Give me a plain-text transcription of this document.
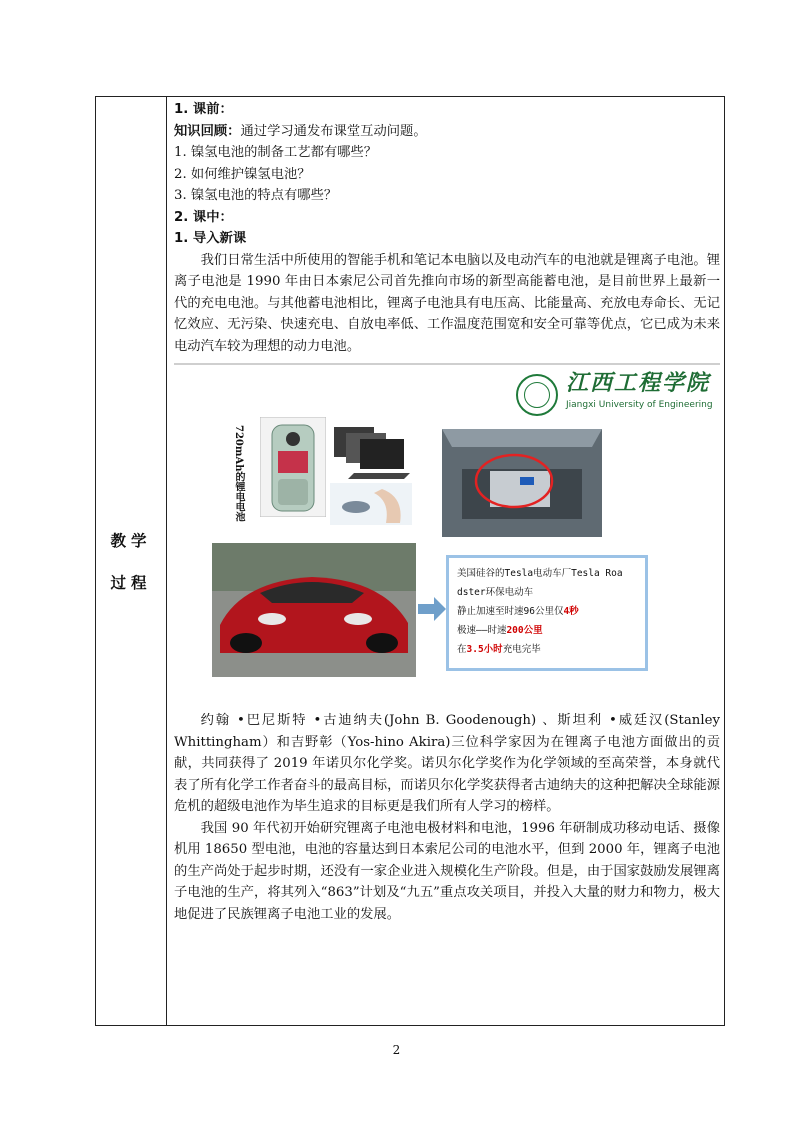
教学
过程

1. 课前：

知识回顾：通过学习通发布课堂互动问题。

1. 镍氢电池的制备工艺都有哪些？

2. 如何维护镍氢电池？

3. 镍氢电池的特点有哪些？

2. 课中：

1. 导入新课

我们日常生活中所使用的智能手机和笔记本电脑以及电动汽车的电池就是锂离子电池。锂离子电池是 1990 年由日本索尼公司首先推向市场的新型高能蓄电池，是目前世界上最新一代的充电电池。与其他蓄电池相比，锂离子电池具有电压高、比能量高、充放电寿命长、无记忆效应、无污染、快速充电、自放电率低、工作温度范围宽和安全可靠等优点，它已成为未来电动汽车较为理想的动力电池。

江西工程学院
Jiangxi University of Engineering
720mAh的锂电电池
美国硅谷的Tesla电动车厂Tesla Roa
dster环保电动车
静止加速至时速96公里仅4秒
极速——时速200公里
在3.5小时充电完毕

约翰 •巴尼斯特 •古迪纳夫(John B. Goodenough) 、斯坦利 •威廷汉(Stanley Whittingham）和吉野彰（Yos-hino Akira)三位科学家因为在锂离子电池方面做出的贡献，共同获得了 2019 年诺贝尔化学奖。诺贝尔化学奖作为化学领域的至高荣誉，本身就代表了所有化学工作者奋斗的最高目标，而诺贝尔化学奖获得者古迪纳夫的这种把解决全球能源危机的超级电池作为毕生追求的目标更是我们所有人学习的榜样。

我国 90 年代初开始研究锂离子电池电极材料和电池，1996 年研制成功移动电话、摄像机用 18650 型电池，电池的容量达到日本索尼公司的电池水平，但到 2000 年，锂离子电池的生产尚处于起步时期，还没有一家企业进入规模化生产阶段。但是，由于国家鼓励发展锂离子电池的生产，将其列入“863”计划及“九五”重点攻关项目，并投入大量的财力和物力，极大地促进了民族锂离子电池工业的发展。

2
